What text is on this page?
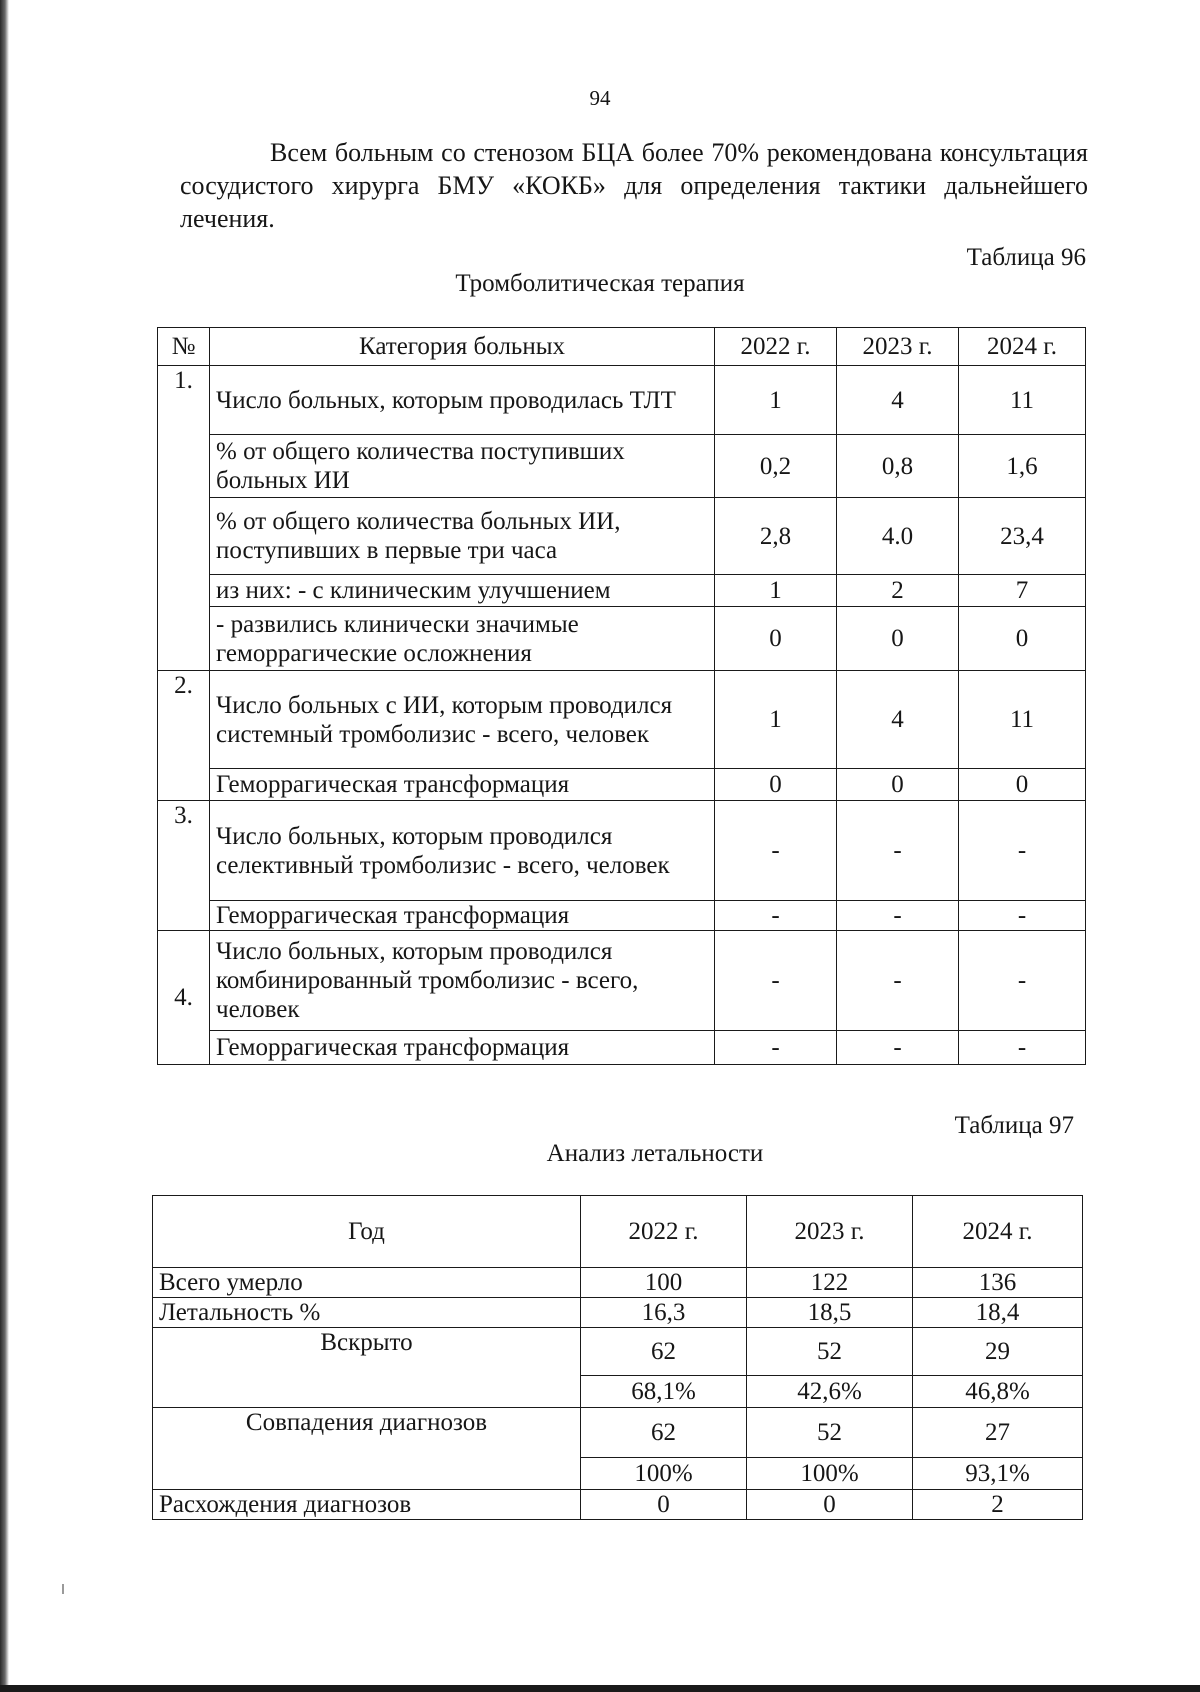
94

Всем больным со стенозом БЦА более 70% рекомендована консультация сосудистого хирурга БМУ «КОКБ» для определения тактики дальнейшего лечения.

Таблица 96
Тромболитическая терапия
№	Категория больных	2022 г.	2023 г.	2024 г.
1.	Число больных, которым проводилась ТЛТ	1	4	11
	% от общего количества поступивших больных ИИ	0,2	0,8	1,6
	% от общего количества больных ИИ, поступивших в первые три часа	2,8	4.0	23,4
	из них: - с клиническим улучшением	1	2	7
	- развились клинически значимые геморрагические осложнения	0	0	0
2.	Число больных с ИИ, которым проводился системный тромболизис - всего, человек	1	4	11
	Геморрагическая трансформация	0	0	0
3.	Число больных, которым проводился селективный тромболизис - всего, человек	-	-	-
	Геморрагическая трансформация	-	-	-
4.	Число больных, которым проводился комбинированный тромболизис - всего, человек	-	-	-
	Геморрагическая трансформация	-	-	-
Таблица 97
Анализ летальности
Год	2022 г.	2023 г.	2024 г.
Всего умерло	100	122	136
Летальность %	16,3	18,5	18,4
Вскрыто	62	52	29
	68,1%	42,6%	46,8%
Совпадения диагнозов	62	52	27
	100%	100%	93,1%
Расхождения диагнозов	0	0	2
